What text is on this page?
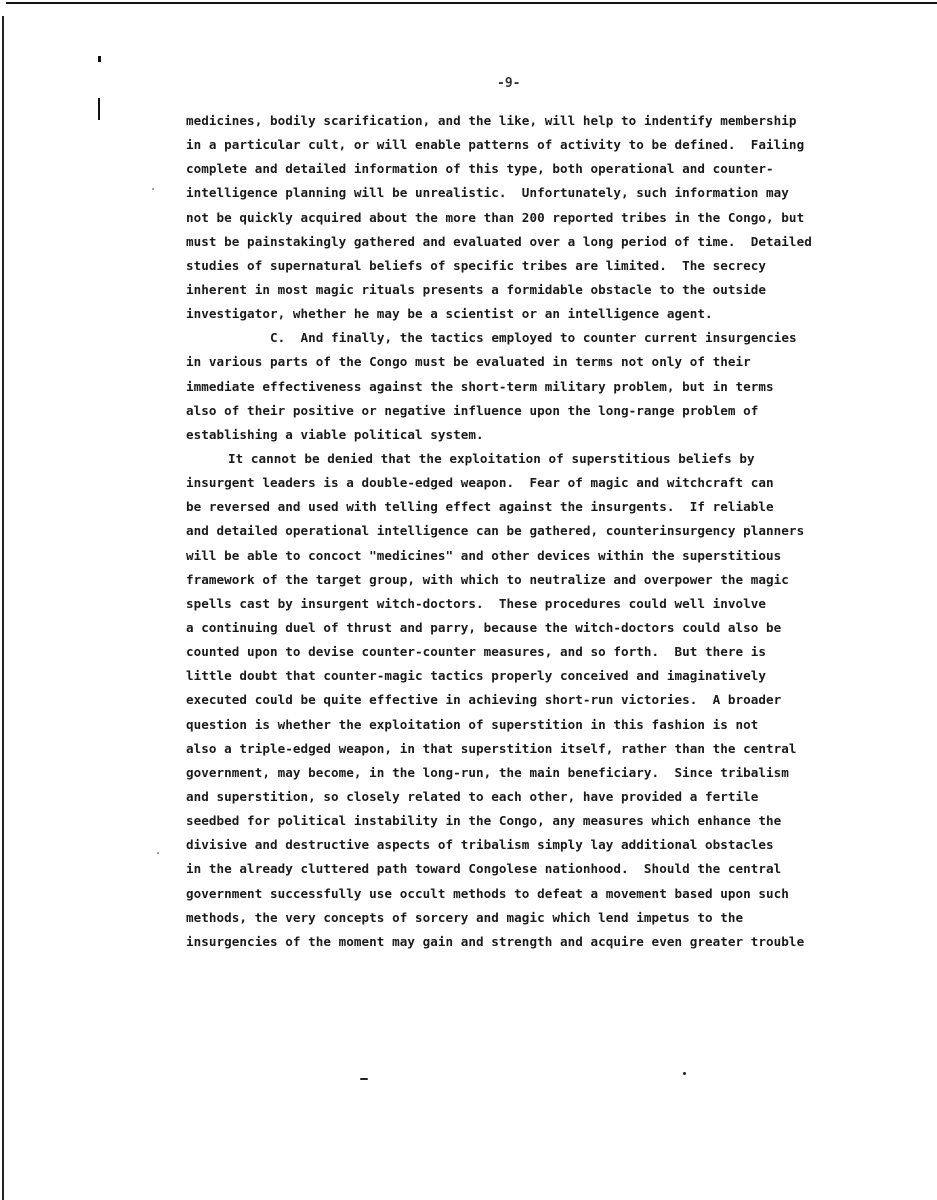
-9-
medicines, bodily scarification, and the like, will help to indentify membership
in a particular cult, or will enable patterns of activity to be defined.  Failing
complete and detailed information of this type, both operational and counter-
intelligence planning will be unrealistic.  Unfortunately, such information may
not be quickly acquired about the more than 200 reported tribes in the Congo, but
must be painstakingly gathered and evaluated over a long period of time.  Detailed
studies of supernatural beliefs of specific tribes are limited.  The secrecy
inherent in most magic rituals presents a formidable obstacle to the outside
investigator, whether he may be a scientist or an intelligence agent.
C.  And finally, the tactics employed to counter current insurgencies
in various parts of the Congo must be evaluated in terms not only of their
immediate effectiveness against the short-term military problem, but in terms
also of their positive or negative influence upon the long-range problem of
establishing a viable political system.
It cannot be denied that the exploitation of superstitious beliefs by
insurgent leaders is a double-edged weapon.  Fear of magic and witchcraft can
be reversed and used with telling effect against the insurgents.  If reliable
and detailed operational intelligence can be gathered, counterinsurgency planners
will be able to concoct "medicines" and other devices within the superstitious
framework of the target group, with which to neutralize and overpower the magic
spells cast by insurgent witch-doctors.  These procedures could well involve
a continuing duel of thrust and parry, because the witch-doctors could also be
counted upon to devise counter-counter measures, and so forth.  But there is
little doubt that counter-magic tactics properly conceived and imaginatively
executed could be quite effective in achieving short-run victories.  A broader
question is whether the exploitation of superstition in this fashion is not
also a triple-edged weapon, in that superstition itself, rather than the central
government, may become, in the long-run, the main beneficiary.  Since tribalism
and superstition, so closely related to each other, have provided a fertile
seedbed for political instability in the Congo, any measures which enhance the
divisive and destructive aspects of tribalism simply lay additional obstacles
in the already cluttered path toward Congolese nationhood.  Should the central
government successfully use occult methods to defeat a movement based upon such
methods, the very concepts of sorcery and magic which lend impetus to the
insurgencies of the moment may gain and strength and acquire even greater trouble
